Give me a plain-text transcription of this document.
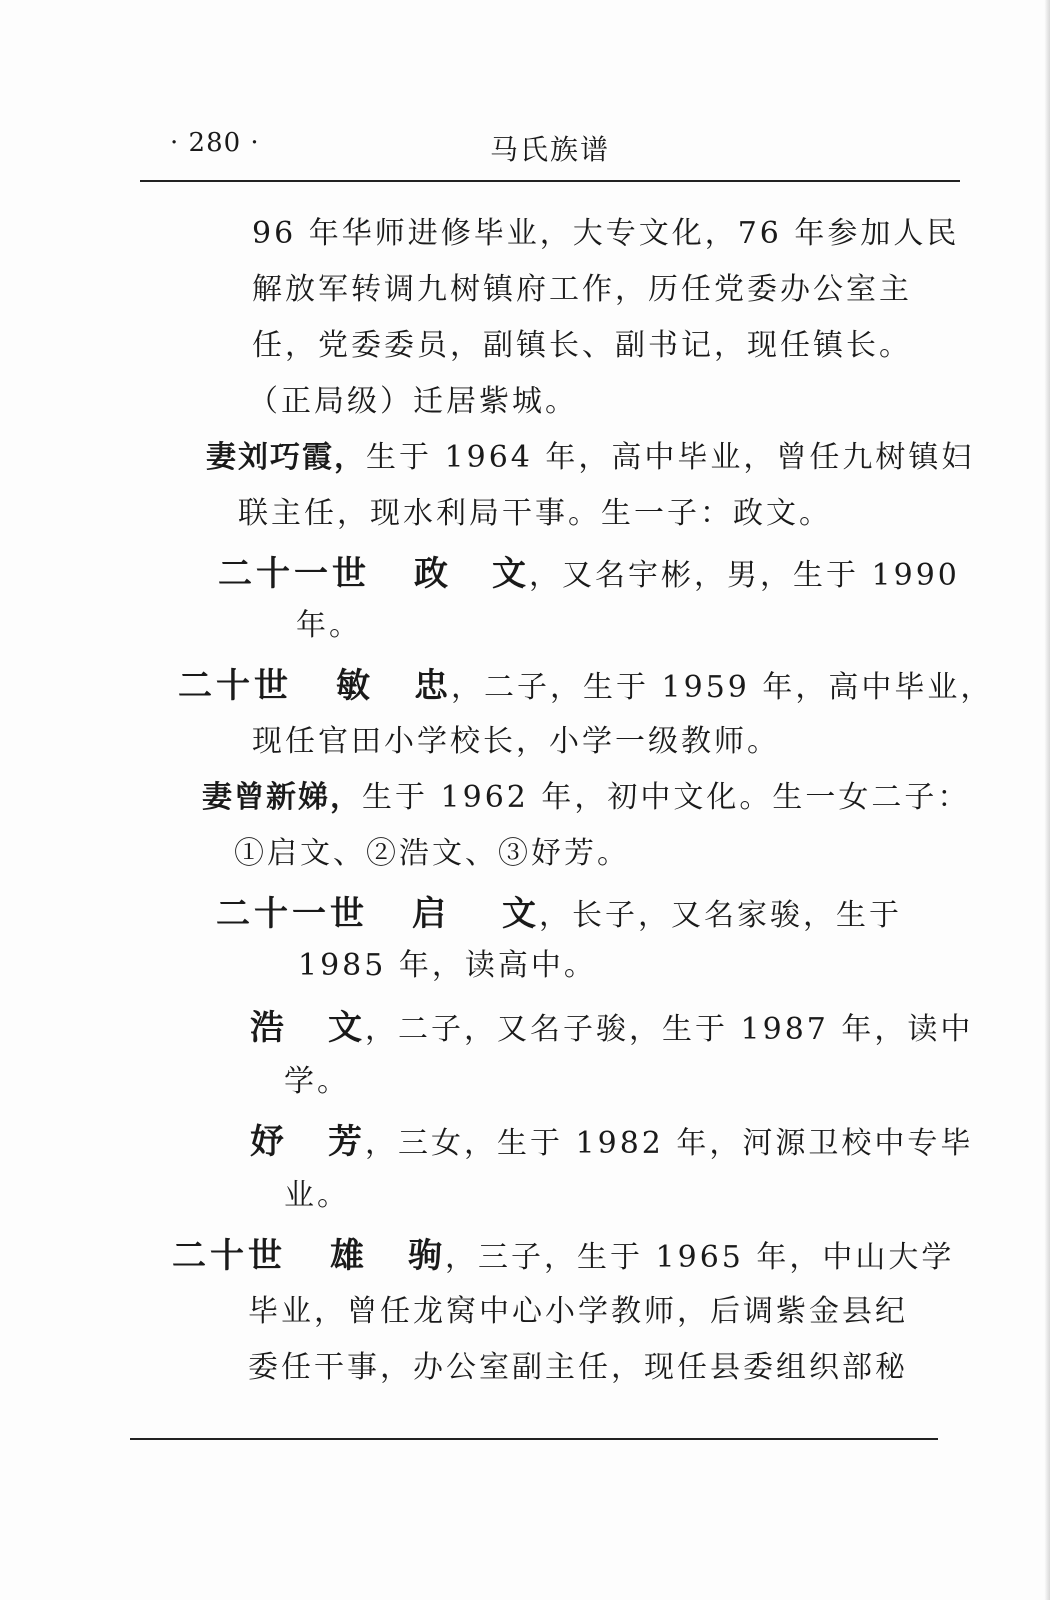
· 280 ·	马氏族谱
96 年华师进修毕业，大专文化，76 年参加人民
解放军转调九树镇府工作，历任党委办公室主
任，党委委员，副镇长、副书记，现任镇长。
（正局级）迁居紫城。
妻刘巧霞，生于 1964 年，高中毕业，曾任九树镇妇
联主任，现水利局干事。生一子：政文。
二十一世 政文，又名宇彬，男，生于 1990
年。
二十世 敏忠，二子，生于 1959 年，高中毕业，
现任官田小学校长，小学一级教师。
妻曾新娣，生于 1962 年，初中文化。生一女二子：
①启文、②浩文、③妤芳。
二十一世 启文，长子，又名家骏，生于
1985 年，读高中。
浩文，二子，又名子骏，生于 1987 年，读中
学。
妤芳，三女，生于 1982 年，河源卫校中专毕
业。
二十世 雄驹，三子，生于 1965 年，中山大学
毕业，曾任龙窝中心小学教师，后调紫金县纪
委任干事，办公室副主任，现任县委组织部秘
